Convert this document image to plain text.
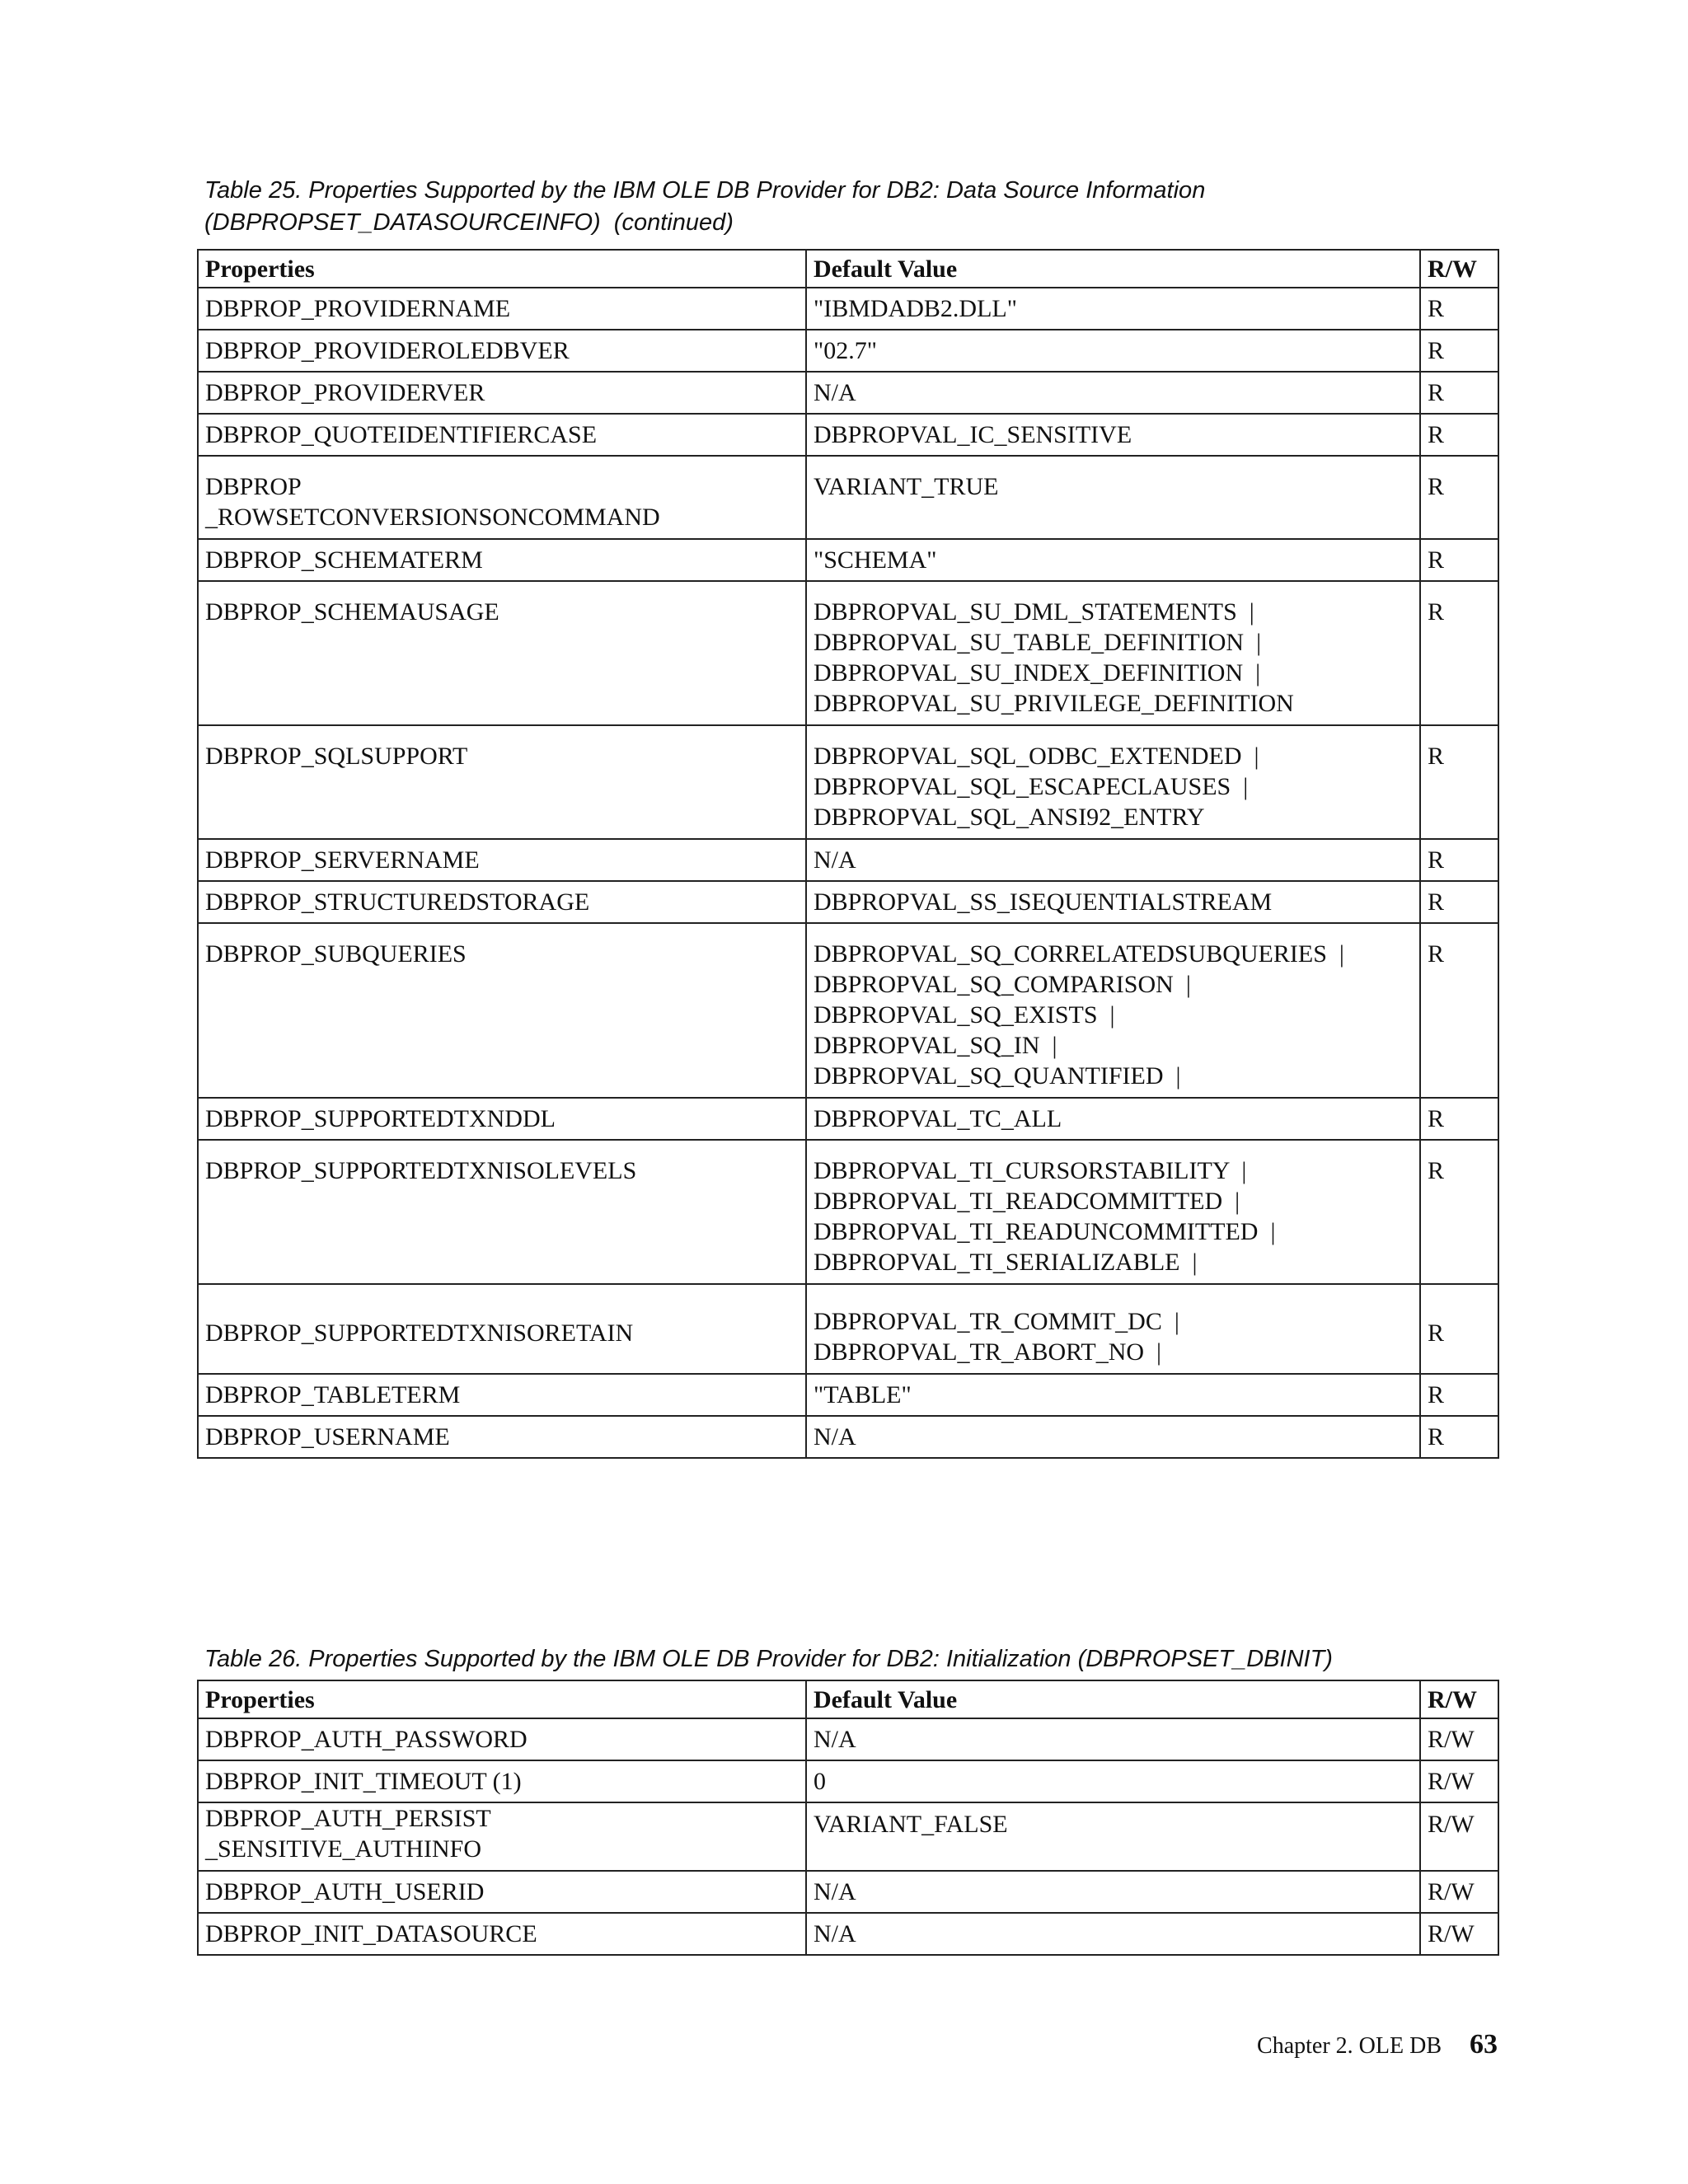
Table 25. Properties Supported by the IBM OLE DB Provider for DB2: Data Source Information
(DBPROPSET_DATASOURCEINFO)  (continued)

Properties	Default Value	R/W

DBPROP_PROVIDERNAME	"IBMDADB2.DLL"	R

DBPROP_PROVIDEROLEDBVER	"02.7"	R

DBPROP_PROVIDERVER	N/A	R

DBPROP_QUOTEIDENTIFIERCASE	DBPROPVAL_IC_SENSITIVE	R

DBPROP
_ROWSETCONVERSIONSONCOMMAND	VARIANT_TRUE	R

DBPROP_SCHEMATERM	"SCHEMA"	R

DBPROP_SCHEMAUSAGE	DBPROPVAL_SU_DML_STATEMENTS  |
DBPROPVAL_SU_TABLE_DEFINITION  |
DBPROPVAL_SU_INDEX_DEFINITION  |
DBPROPVAL_SU_PRIVILEGE_DEFINITION	R

DBPROP_SQLSUPPORT	DBPROPVAL_SQL_ODBC_EXTENDED  |
DBPROPVAL_SQL_ESCAPECLAUSES  |
DBPROPVAL_SQL_ANSI92_ENTRY	R

DBPROP_SERVERNAME	N/A	R

DBPROP_STRUCTUREDSTORAGE	DBPROPVAL_SS_ISEQUENTIALSTREAM	R

DBPROP_SUBQUERIES	DBPROPVAL_SQ_CORRELATEDSUBQUERIES  |
DBPROPVAL_SQ_COMPARISON  |
DBPROPVAL_SQ_EXISTS  |
DBPROPVAL_SQ_IN  |
DBPROPVAL_SQ_QUANTIFIED  |	R

DBPROP_SUPPORTEDTXNDDL	DBPROPVAL_TC_ALL	R

DBPROP_SUPPORTEDTXNISOLEVELS	DBPROPVAL_TI_CURSORSTABILITY  |
DBPROPVAL_TI_READCOMMITTED  |
DBPROPVAL_TI_READUNCOMMITTED  |
DBPROPVAL_TI_SERIALIZABLE  |	R

DBPROP_SUPPORTEDTXNISORETAIN	DBPROPVAL_TR_COMMIT_DC  |
DBPROPVAL_TR_ABORT_NO  |	R

DBPROP_TABLETERM	"TABLE"	R

DBPROP_USERNAME	N/A	R

Table 26. Properties Supported by the IBM OLE DB Provider for DB2: Initialization (DBPROPSET_DBINIT)

Properties	Default Value	R/W

DBPROP_AUTH_PASSWORD	N/A	R/W

DBPROP_INIT_TIMEOUT (1)	0	R/W

DBPROP_AUTH_PERSIST
_SENSITIVE_AUTHINFO	VARIANT_FALSE	R/W

DBPROP_AUTH_USERID	N/A	R/W

DBPROP_INIT_DATASOURCE	N/A	R/W
Chapter 2. OLE DB 63
